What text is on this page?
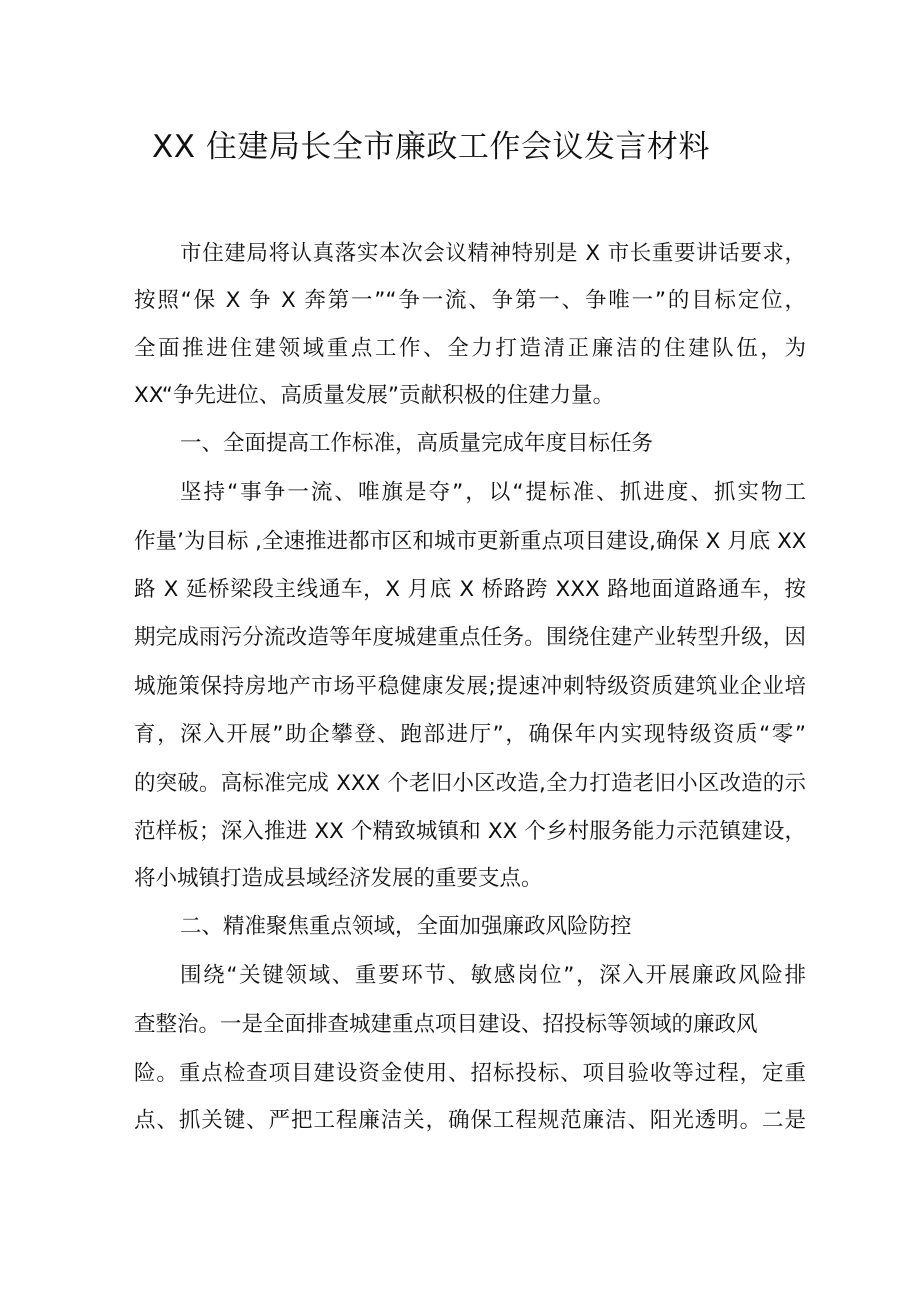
XX 住建局长全市廉政工作会议发言材料

市住建局将认真落实本次会议精神特别是 X 市长重要讲话要求，

按照“保 X 争 X 奔第一”“争一流、争第一、争唯一”的目标定位，

全面推进住建领域重点工作、全力打造清正廉洁的住建队伍，为

XX“争先进位、高质量发展”贡献积极的住建力量。

一、全面提高工作标准，高质量完成年度目标任务

坚持“事争一流、唯旗是夺”，以“提标准、抓进度、抓实物工

作量’为目标 ,全速推进都市区和城市更新重点项目建设,确保 X 月底 XX

路 X 延桥梁段主线通车，X 月底 X 桥路跨 XXX 路地面道路通车，按

期完成雨污分流改造等年度城建重点任务。围绕住建产业转型升级，因

城施策保持房地产市场平稳健康发展;提速冲刺特级资质建筑业企业培

育，深入开展”助企攀登、跑部进厅”，确保年内实现特级资质“零”

的突破。高标准完成 XXX 个老旧小区改造,全力打造老旧小区改造的示

范样板；深入推进 XX 个精致城镇和 XX 个乡村服务能力示范镇建设，

将小城镇打造成县域经济发展的重要支点。

二、精准聚焦重点领域，全面加强廉政风险防控

围绕“关键领域、重要环节、敏感岗位”，深入开展廉政风险排

查整治。一是全面排查城建重点项目建设、招投标等领域的廉政风

险。重点检查项目建设资金使用、招标投标、项目验收等过程，定重

点、抓关键、严把工程廉洁关，确保工程规范廉洁、阳光透明。二是
